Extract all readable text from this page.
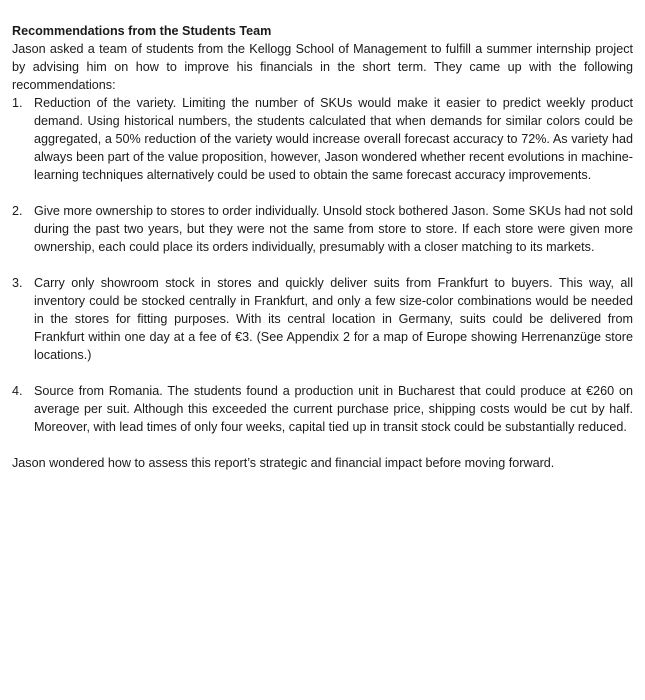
Recommendations from the Students Team

Jason asked a team of students from the Kellogg School of Management to fulfill a summer internship project by advising him on how to improve his financials in the short term. They came up with the following recommendations:

1. Reduction of the variety. Limiting the number of SKUs would make it easier to predict weekly product demand. Using historical numbers, the students calculated that when demands for similar colors could be aggregated, a 50% reduction of the variety would increase overall forecast accuracy to 72%. As variety had always been part of the value proposition, however, Jason wondered whether recent evolutions in machine-learning techniques alternatively could be used to obtain the same forecast accuracy improvements.

2. Give more ownership to stores to order individually. Unsold stock bothered Jason. Some SKUs had not sold during the past two years, but they were not the same from store to store. If each store were given more ownership, each could place its orders individually, presumably with a closer matching to its markets.

3. Carry only showroom stock in stores and quickly deliver suits from Frankfurt to buyers. This way, all inventory could be stocked centrally in Frankfurt, and only a few size-color combinations would be needed in the stores for fitting purposes. With its central location in Germany, suits could be delivered from Frankfurt within one day at a fee of €3. (See Appendix 2 for a map of Europe showing Herrenanzüge store locations.)

4. Source from Romania. The students found a production unit in Bucharest that could produce at €260 on average per suit. Although this exceeded the current purchase price, shipping costs would be cut by half. Moreover, with lead times of only four weeks, capital tied up in transit stock could be substantially reduced.

Jason wondered how to assess this report’s strategic and financial impact before moving forward.
